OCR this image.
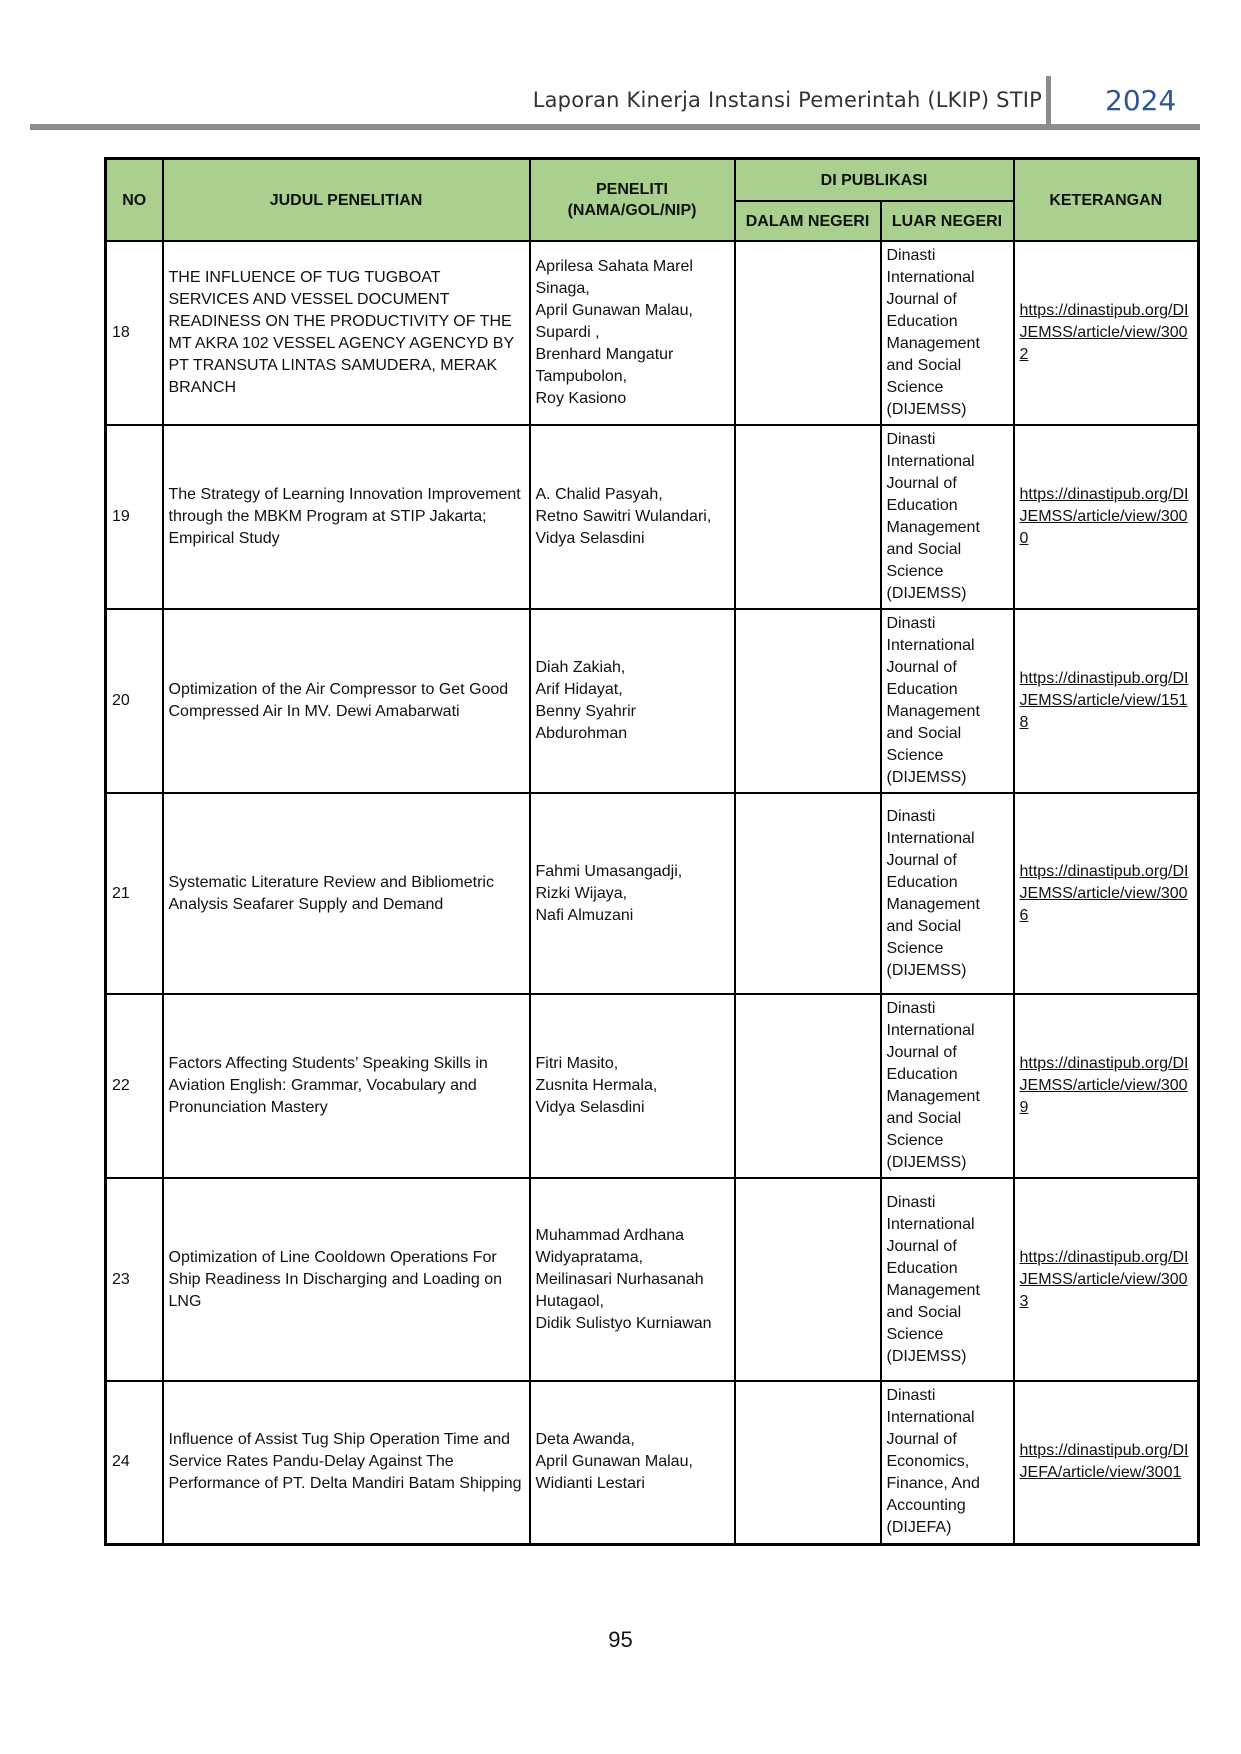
Laporan Kinerja Instansi Pemerintah (LKIP) STIP 2024
NO	JUDUL PENELITIAN	PENELITI
(NAMA/GOL/NIP)	DI PUBLIKASI		KETERANGAN
			DALAM NEGERI	LUAR NEGERI	
18	THE INFLUENCE OF TUG TUGBOAT SERVICES AND VESSEL DOCUMENT READINESS ON THE PRODUCTIVITY OF THE MT AKRA 102 VESSEL AGENCY AGENCYD BY PT TRANSUTA LINTAS SAMUDERA, MERAK BRANCH	Aprilesa Sahata Marel Sinaga,
April Gunawan Malau,
Supardi ,
Brenhard Mangatur Tampubolon,
Roy Kasiono		Dinasti International Journal of Education Management and Social Science (DIJEMSS)	https://dinastipub.org/DIJEMSS/article/view/3002
19	The Strategy of Learning Innovation Improvement through the MBKM Program at STIP Jakarta; Empirical Study	A. Chalid Pasyah,
Retno Sawitri Wulandari,
Vidya Selasdini		Dinasti International Journal of Education Management and Social Science (DIJEMSS)	https://dinastipub.org/DIJEMSS/article/view/3000
20	Optimization of the Air Compressor to Get Good Compressed Air In MV. Dewi Amabarwati	Diah Zakiah,
Arif Hidayat,
Benny Syahrir Abdurohman		Dinasti International Journal of Education Management and Social Science (DIJEMSS)	https://dinastipub.org/DIJEMSS/article/view/1518
21	Systematic Literature Review and Bibliometric Analysis Seafarer Supply and Demand	Fahmi Umasangadji,
Rizki Wijaya,
Nafi Almuzani		Dinasti International Journal of Education Management and Social Science (DIJEMSS)	https://dinastipub.org/DIJEMSS/article/view/3006
22	Factors Affecting Students’ Speaking Skills in Aviation English: Grammar, Vocabulary and Pronunciation Mastery	Fitri Masito,
Zusnita Hermala,
Vidya Selasdini		Dinasti International Journal of Education Management and Social Science (DIJEMSS)	https://dinastipub.org/DIJEMSS/article/view/3009
23	Optimization of Line Cooldown Operations For Ship Readiness In Discharging and Loading on LNG	Muhammad Ardhana Widyapratama,
Meilinasari Nurhasanah Hutagaol,
Didik Sulistyo Kurniawan		Dinasti International Journal of Education Management and Social Science (DIJEMSS)	https://dinastipub.org/DIJEMSS/article/view/3003
24	Influence of Assist Tug Ship Operation Time and Service Rates Pandu-Delay Against The Performance of PT. Delta Mandiri Batam Shipping	Deta Awanda,
April Gunawan Malau,
Widianti Lestari		Dinasti International Journal of Economics, Finance, And Accounting (DIJEFA)	https://dinastipub.org/DIJEFA/article/view/3001
95
